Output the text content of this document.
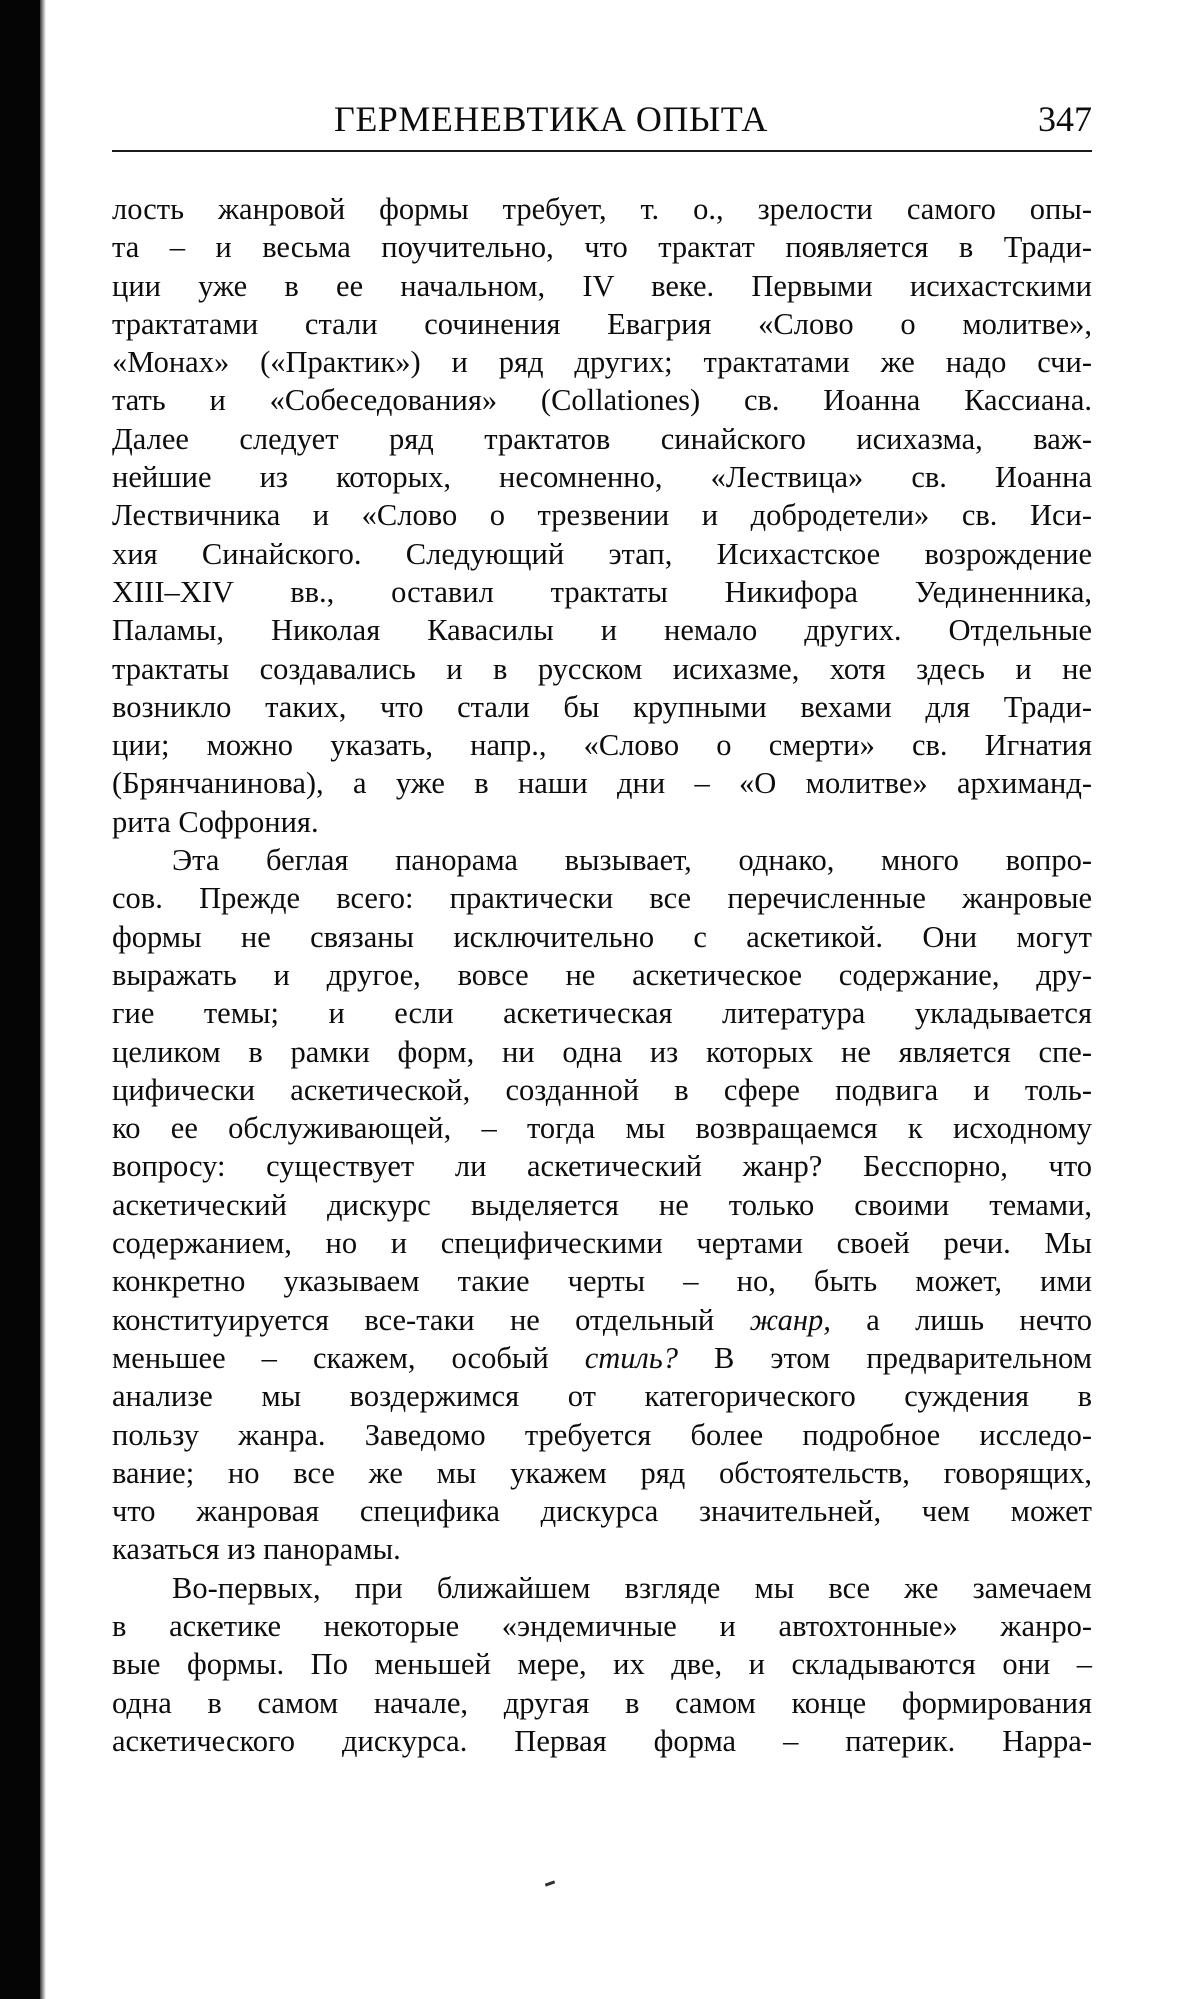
ГЕРМЕНЕВТИКА ОПЫТА	347
лость жанровой формы требует, т. о., зрелости самого опы-
та – и весьма поучительно, что трактат появляется в Тради-
ции уже в ее начальном, IV веке. Первыми исихастскими
трактатами стали сочинения Евагрия «Слово о молитве»,
«Монах» («Практик») и ряд других; трактатами же надо счи-
тать и «Собеседования» (Collationes) св. Иоанна Кассиана.
Далее следует ряд трактатов синайского исихазма, важ-
нейшие из которых, несомненно, «Лествица» св. Иоанна
Лествичника и «Слово о трезвении и добродетели» св. Иси-
хия Синайского. Следующий этап, Исихастское возрождение
XIII–XIV вв., оставил трактаты Никифора Уединенника,
Паламы, Николая Кавасилы и немало других. Отдельные
трактаты создавались и в русском исихазме, хотя здесь и не
возникло таких, что стали бы крупными вехами для Тради-
ции; можно указать, напр., «Слово о смерти» св. Игнатия
(Брянчанинова), а уже в наши дни – «О молитве» архиманд-
рита Софрония.
Эта беглая панорама вызывает, однако, много вопро-
сов. Прежде всего: практически все перечисленные жанровые
формы не связаны исключительно с аскетикой. Они могут
выражать и другое, вовсе не аскетическое содержание, дру-
гие темы; и если аскетическая литература укладывается
целиком в рамки форм, ни одна из которых не является спе-
цифически аскетической, созданной в сфере подвига и толь-
ко ее обслуживающей, – тогда мы возвращаемся к исходному
вопросу: существует ли аскетический жанр? Бесспорно, что
аскетический дискурс выделяется не только своими темами,
содержанием, но и специфическими чертами своей речи. Мы
конкретно указываем такие черты – но, быть может, ими
конституируется все-таки не отдельный жанр, а лишь нечто
меньшее – скажем, особый стиль? В этом предварительном
анализе мы воздержимся от категорического суждения в
пользу жанра. Заведомо требуется более подробное исследо-
вание; но все же мы укажем ряд обстоятельств, говорящих,
что жанровая специфика дискурса значительней, чем может
казаться из панорамы.
Во-первых, при ближайшем взгляде мы все же замечаем
в аскетике некоторые «эндемичные и автохтонные» жанро-
вые формы. По меньшей мере, их две, и складываются они –
одна в самом начале, другая в самом конце формирования
аскетического дискурса. Первая форма – патерик. Нарра-
